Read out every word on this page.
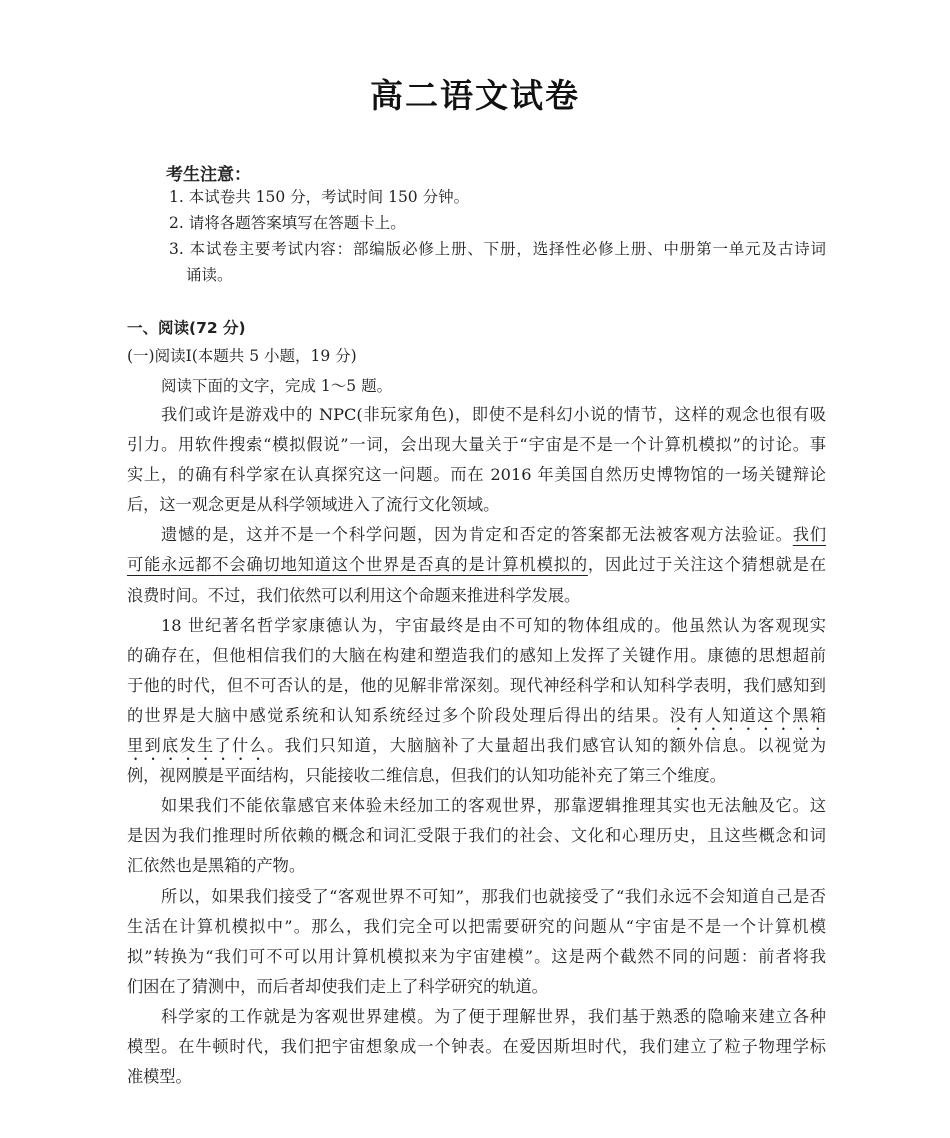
高二语文试卷
考生注意：
1. 本试卷共 150 分，考试时间 150 分钟。
2. 请将各题答案填写在答题卡上。
3. 本试卷主要考试内容：部编版必修上册、下册，选择性必修上册、中册第一单元及古诗词
诵读。
一、阅读(72 分)
(一)阅读Ⅰ(本题共 5 小题，19 分)
阅读下面的文字，完成 1～5 题。
我们或许是游戏中的 NPC(非玩家角色)，即使不是科幻小说的情节，这样的观念也很有吸
引力。用软件搜索“模拟假说”一词，会出现大量关于“宇宙是不是一个计算机模拟”的讨论。事
实上，的确有科学家在认真探究这一问题。而在 2016 年美国自然历史博物馆的一场关键辩论
后，这一观念更是从科学领域进入了流行文化领域。
遗憾的是，这并不是一个科学问题，因为肯定和否定的答案都无法被客观方法验证。我们
可能永远都不会确切地知道这个世界是否真的是计算机模拟的，因此过于关注这个猜想就是在
浪费时间。不过，我们依然可以利用这个命题来推进科学发展。
18 世纪著名哲学家康德认为，宇宙最终是由不可知的物体组成的。他虽然认为客观现实
的确存在，但他相信我们的大脑在构建和塑造我们的感知上发挥了关键作用。康德的思想超前
于他的时代，但不可否认的是，他的见解非常深刻。现代神经科学和认知科学表明，我们感知到
的世界是大脑中感觉系统和认知系统经过多个阶段处理后得出的结果。没有人知道这个黑箱
里到底发生了什么。我们只知道，大脑脑补了大量超出我们感官认知的额外信息。以视觉为
例，视网膜是平面结构，只能接收二维信息，但我们的认知功能补充了第三个维度。
如果我们不能依靠感官来体验未经加工的客观世界，那靠逻辑推理其实也无法触及它。这
是因为我们推理时所依赖的概念和词汇受限于我们的社会、文化和心理历史，且这些概念和词
汇依然也是黑箱的产物。
所以，如果我们接受了“客观世界不可知”，那我们也就接受了“我们永远不会知道自己是否
生活在计算机模拟中”。那么，我们完全可以把需要研究的问题从“宇宙是不是一个计算机模
拟”转换为“我们可不可以用计算机模拟来为宇宙建模”。这是两个截然不同的问题：前者将我
们困在了猜测中，而后者却使我们走上了科学研究的轨道。
科学家的工作就是为客观世界建模。为了便于理解世界，我们基于熟悉的隐喻来建立各种
模型。在牛顿时代，我们把宇宙想象成一个钟表。在爱因斯坦时代，我们建立了粒子物理学标
准模型。
